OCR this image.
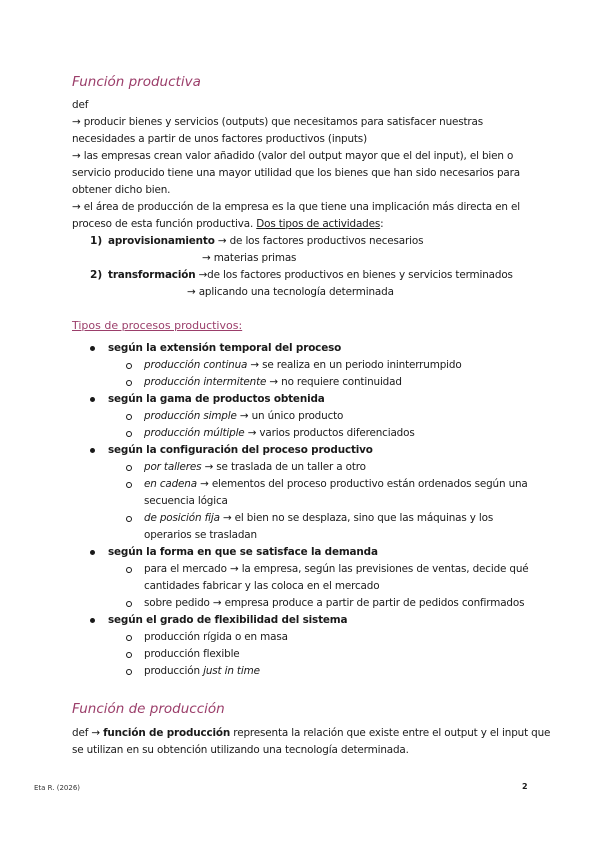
Función productiva
def
→ producir bienes y servicios (outputs) que necesitamos para satisfacer nuestras
necesidades a partir de unos factores productivos (inputs)
→ las empresas crean valor añadido (valor del output mayor que el del input), el bien o
servicio producido tiene una mayor utilidad que los bienes que han sido necesarios para
obtener dicho bien.
→ el área de producción de la empresa es la que tiene una implicación más directa en el
proceso de esta función productiva. Dos tipos de actividades:
1) aprovisionamiento → de los factores productivos necesarios
→ materias primas
2) transformación →de los factores productivos en bienes y servicios terminados
→ aplicando una tecnología determinada
Tipos de procesos productivos:
según la extensión temporal del proceso
producción continua → se realiza en un periodo ininterrumpido
producción intermitente → no requiere continuidad
según la gama de productos obtenida
producción simple → un único producto
producción múltiple → varios productos diferenciados
según la configuración del proceso productivo
por talleres → se traslada de un taller a otro
en cadena → elementos del proceso productivo están ordenados según una
secuencia lógica
de posición fija → el bien no se desplaza, sino que las máquinas y los
operarios se trasladan
según la forma en que se satisface la demanda
para el mercado → la empresa, según las previsiones de ventas, decide qué
cantidades fabricar y las coloca en el mercado
sobre pedido → empresa produce a partir de partir de pedidos confirmados
según el grado de flexibilidad del sistema
producción rígida o en masa
producción flexible
producción just in time
Función de producción
def → función de producción representa la relación que existe entre el output y el input que
se utilizan en su obtención utilizando una tecnología determinada.
Eta R. (2026)	2
